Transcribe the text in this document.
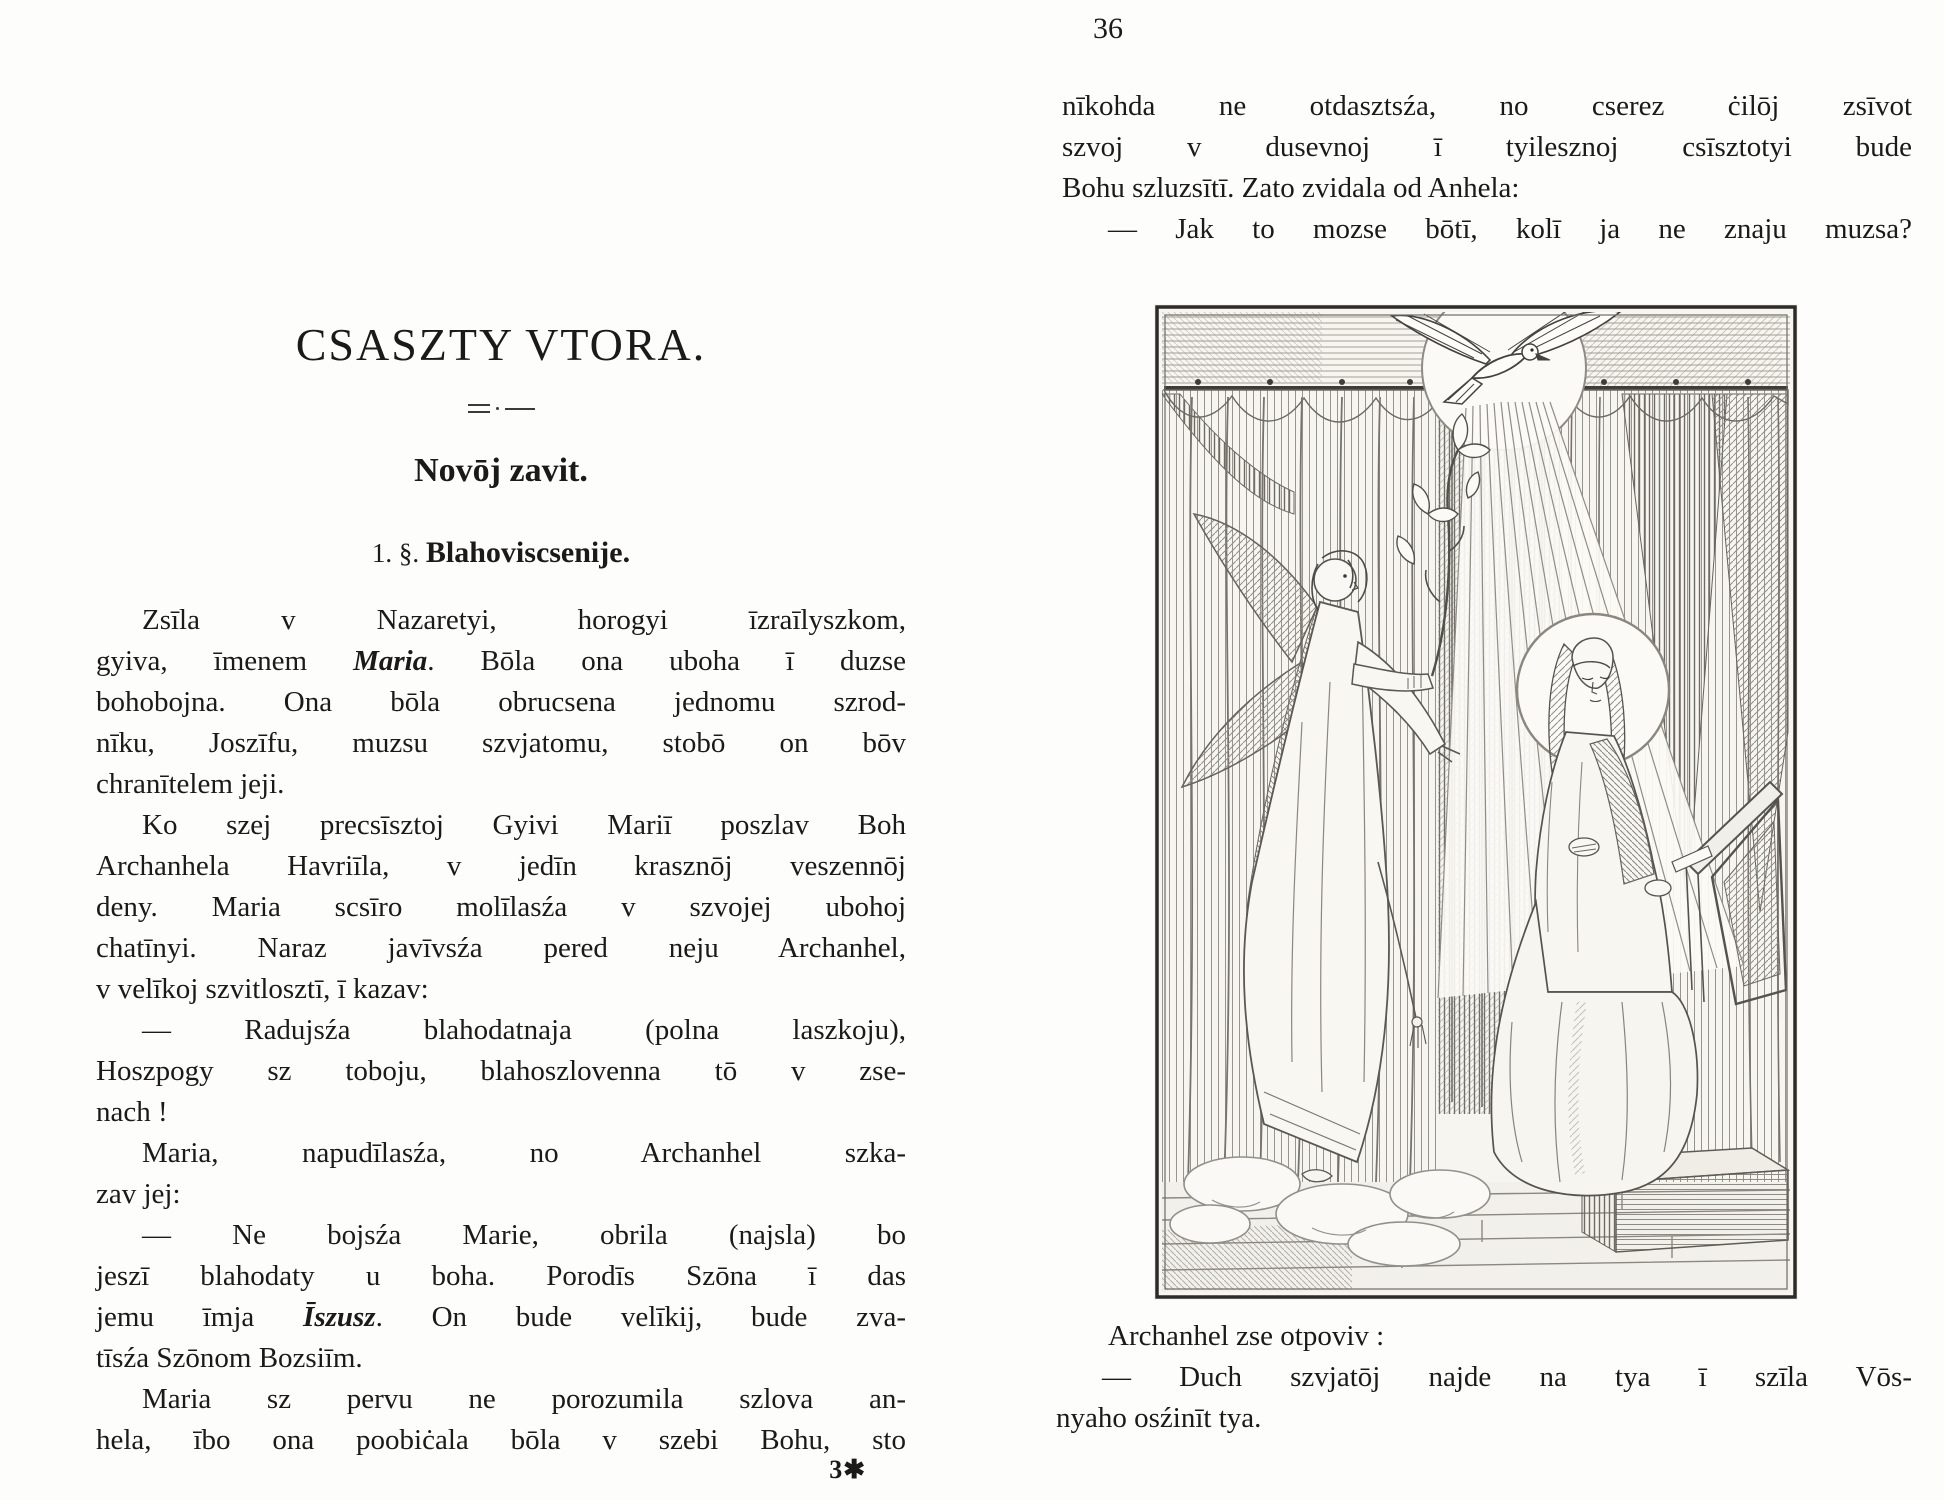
CSASZTY VTORA.
Novōj zavit.
1. §. Blahoviscsenije.
Zsīla v Nazaretyi, horogyi īzraīlyszkom,
gyiva, īmenem Maria. Bōla ona uboha ī duzse
bohobojna. Ona bōla obrucsena jednomu szrod-
nīku, Joszīfu, muzsu szvjatomu, stobō on bōv
chranītelem jeji.
Ko szej precsīsztoj Gyivi Mariī poszlav Boh
Archanhela Havriīla, v jedīn krasznōj veszennōj
deny. Maria scsīro molīlasźa v szvojej ubohoj
chatīnyi. Naraz javīvsźa pered neju Archanhel,
v velīkoj szvitlosztī, ī kazav:
— Radujsźa blahodatnaja (polna laszkoju),
Hoszpogy sz toboju, blahoszlovenna tō v zse-
nach !
Maria, napudīlasźa, no Archanhel szka-
zav jej:
— Ne bojsźa Marie, obrila (najsla) bo
jeszī blahodaty u boha. Porodīs Szōna ī das
jemu īmja Īszusz. On bude velīkij, bude zva-
tīsźa Szōnom Bozsiīm.
Maria sz pervu ne porozumila szlova an-
hela, ībo ona poobiċala bōla v szebi Bohu, sto
3✱
36
nīkohda ne otdasztsźa, no cserez ċilōj zsīvot
szvoj v dusevnoj ī tyilesznoj csīsztotyi bude
Bohu szluzsītī. Zato zvidala od Anhela:
— Jak to mozse bōtī, kolī ja ne znaju muzsa?
Archanhel zse otpoviv :
— Duch szvjatōj najde na tya ī szīla Vōs-
nyaho osźinīt tya.
